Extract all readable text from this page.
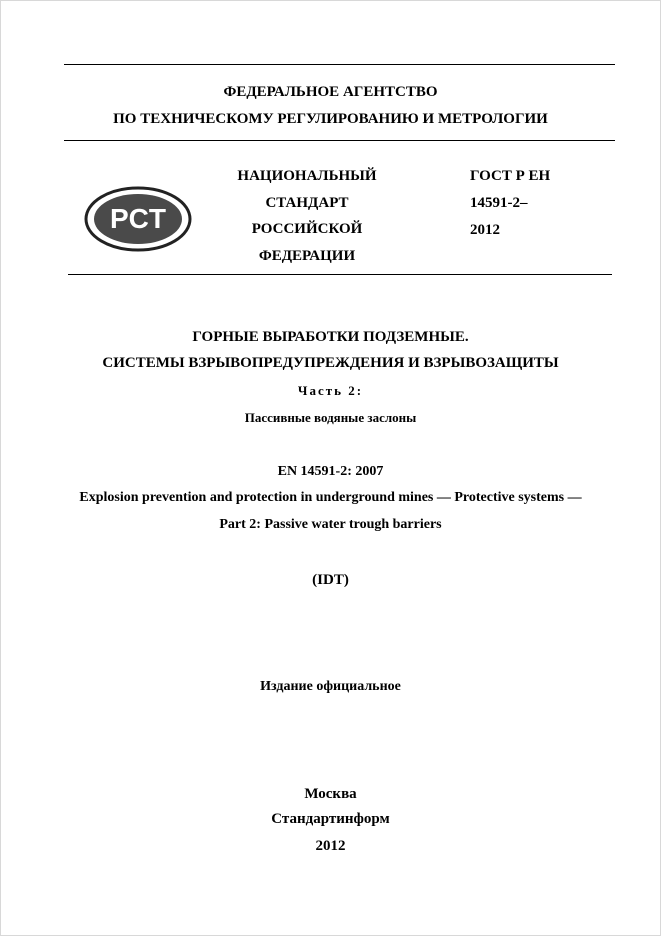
ФЕДЕРАЛЬНОЕ АГЕНТСТВО
ПО ТЕХНИЧЕСКОМУ РЕГУЛИРОВАНИЮ И МЕТРОЛОГИИ
PCT
НАЦИОНАЛЬНЫЙ
СТАНДАРТ
РОССИЙСКОЙ
ФЕДЕРАЦИИ
ГОСТ Р ЕН
14591-2–
2012
ГОРНЫЕ ВЫРАБОТКИ ПОДЗЕМНЫЕ.
СИСТЕМЫ ВЗРЫВОПРЕДУПРЕЖДЕНИЯ И ВЗРЫВОЗАЩИТЫ
Часть 2:
Пассивные водяные заслоны
EN 14591-2: 2007
Explosion prevention and protection in underground mines — Protective systems —
Part 2: Passive water trough barriers
(IDT)
Издание официальное
Москва
Стандартинформ
2012
